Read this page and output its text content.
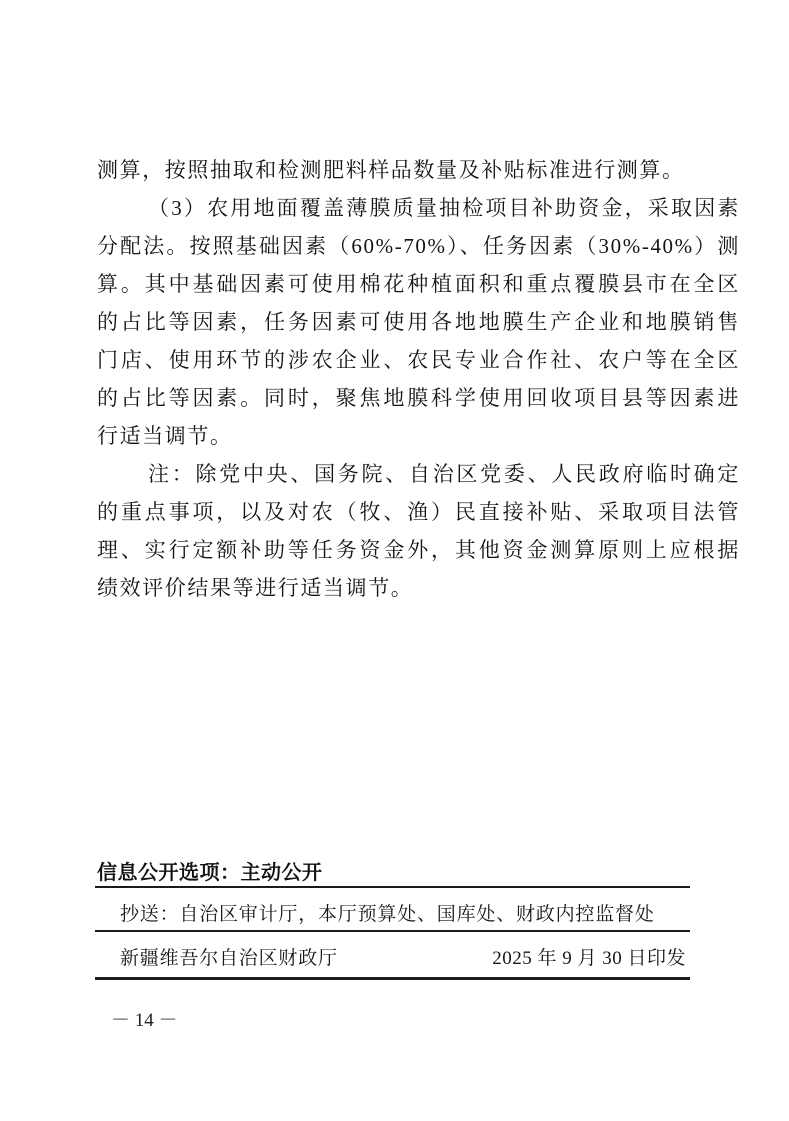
测算，按照抽取和检测肥料样品数量及补贴标准进行测算。
（3）农用地面覆盖薄膜质量抽检项目补助资金，采取因素
分配法。按照基础因素（60%-70%）、任务因素（30%-40%）测
算。其中基础因素可使用棉花种植面积和重点覆膜县市在全区
的占比等因素，任务因素可使用各地地膜生产企业和地膜销售
门店、使用环节的涉农企业、农民专业合作社、农户等在全区
的占比等因素。同时，聚焦地膜科学使用回收项目县等因素进
行适当调节。
注：除党中央、国务院、自治区党委、人民政府临时确定
的重点事项，以及对农（牧、渔）民直接补贴、采取项目法管
理、实行定额补助等任务资金外，其他资金测算原则上应根据
绩效评价结果等进行适当调节。
信息公开选项：主动公开
抄送：自治区审计厅，本厅预算处、国库处、财政内控监督处
新疆维吾尔自治区财政厅	2025 年 9 月 30 日印发
－ 14 －
